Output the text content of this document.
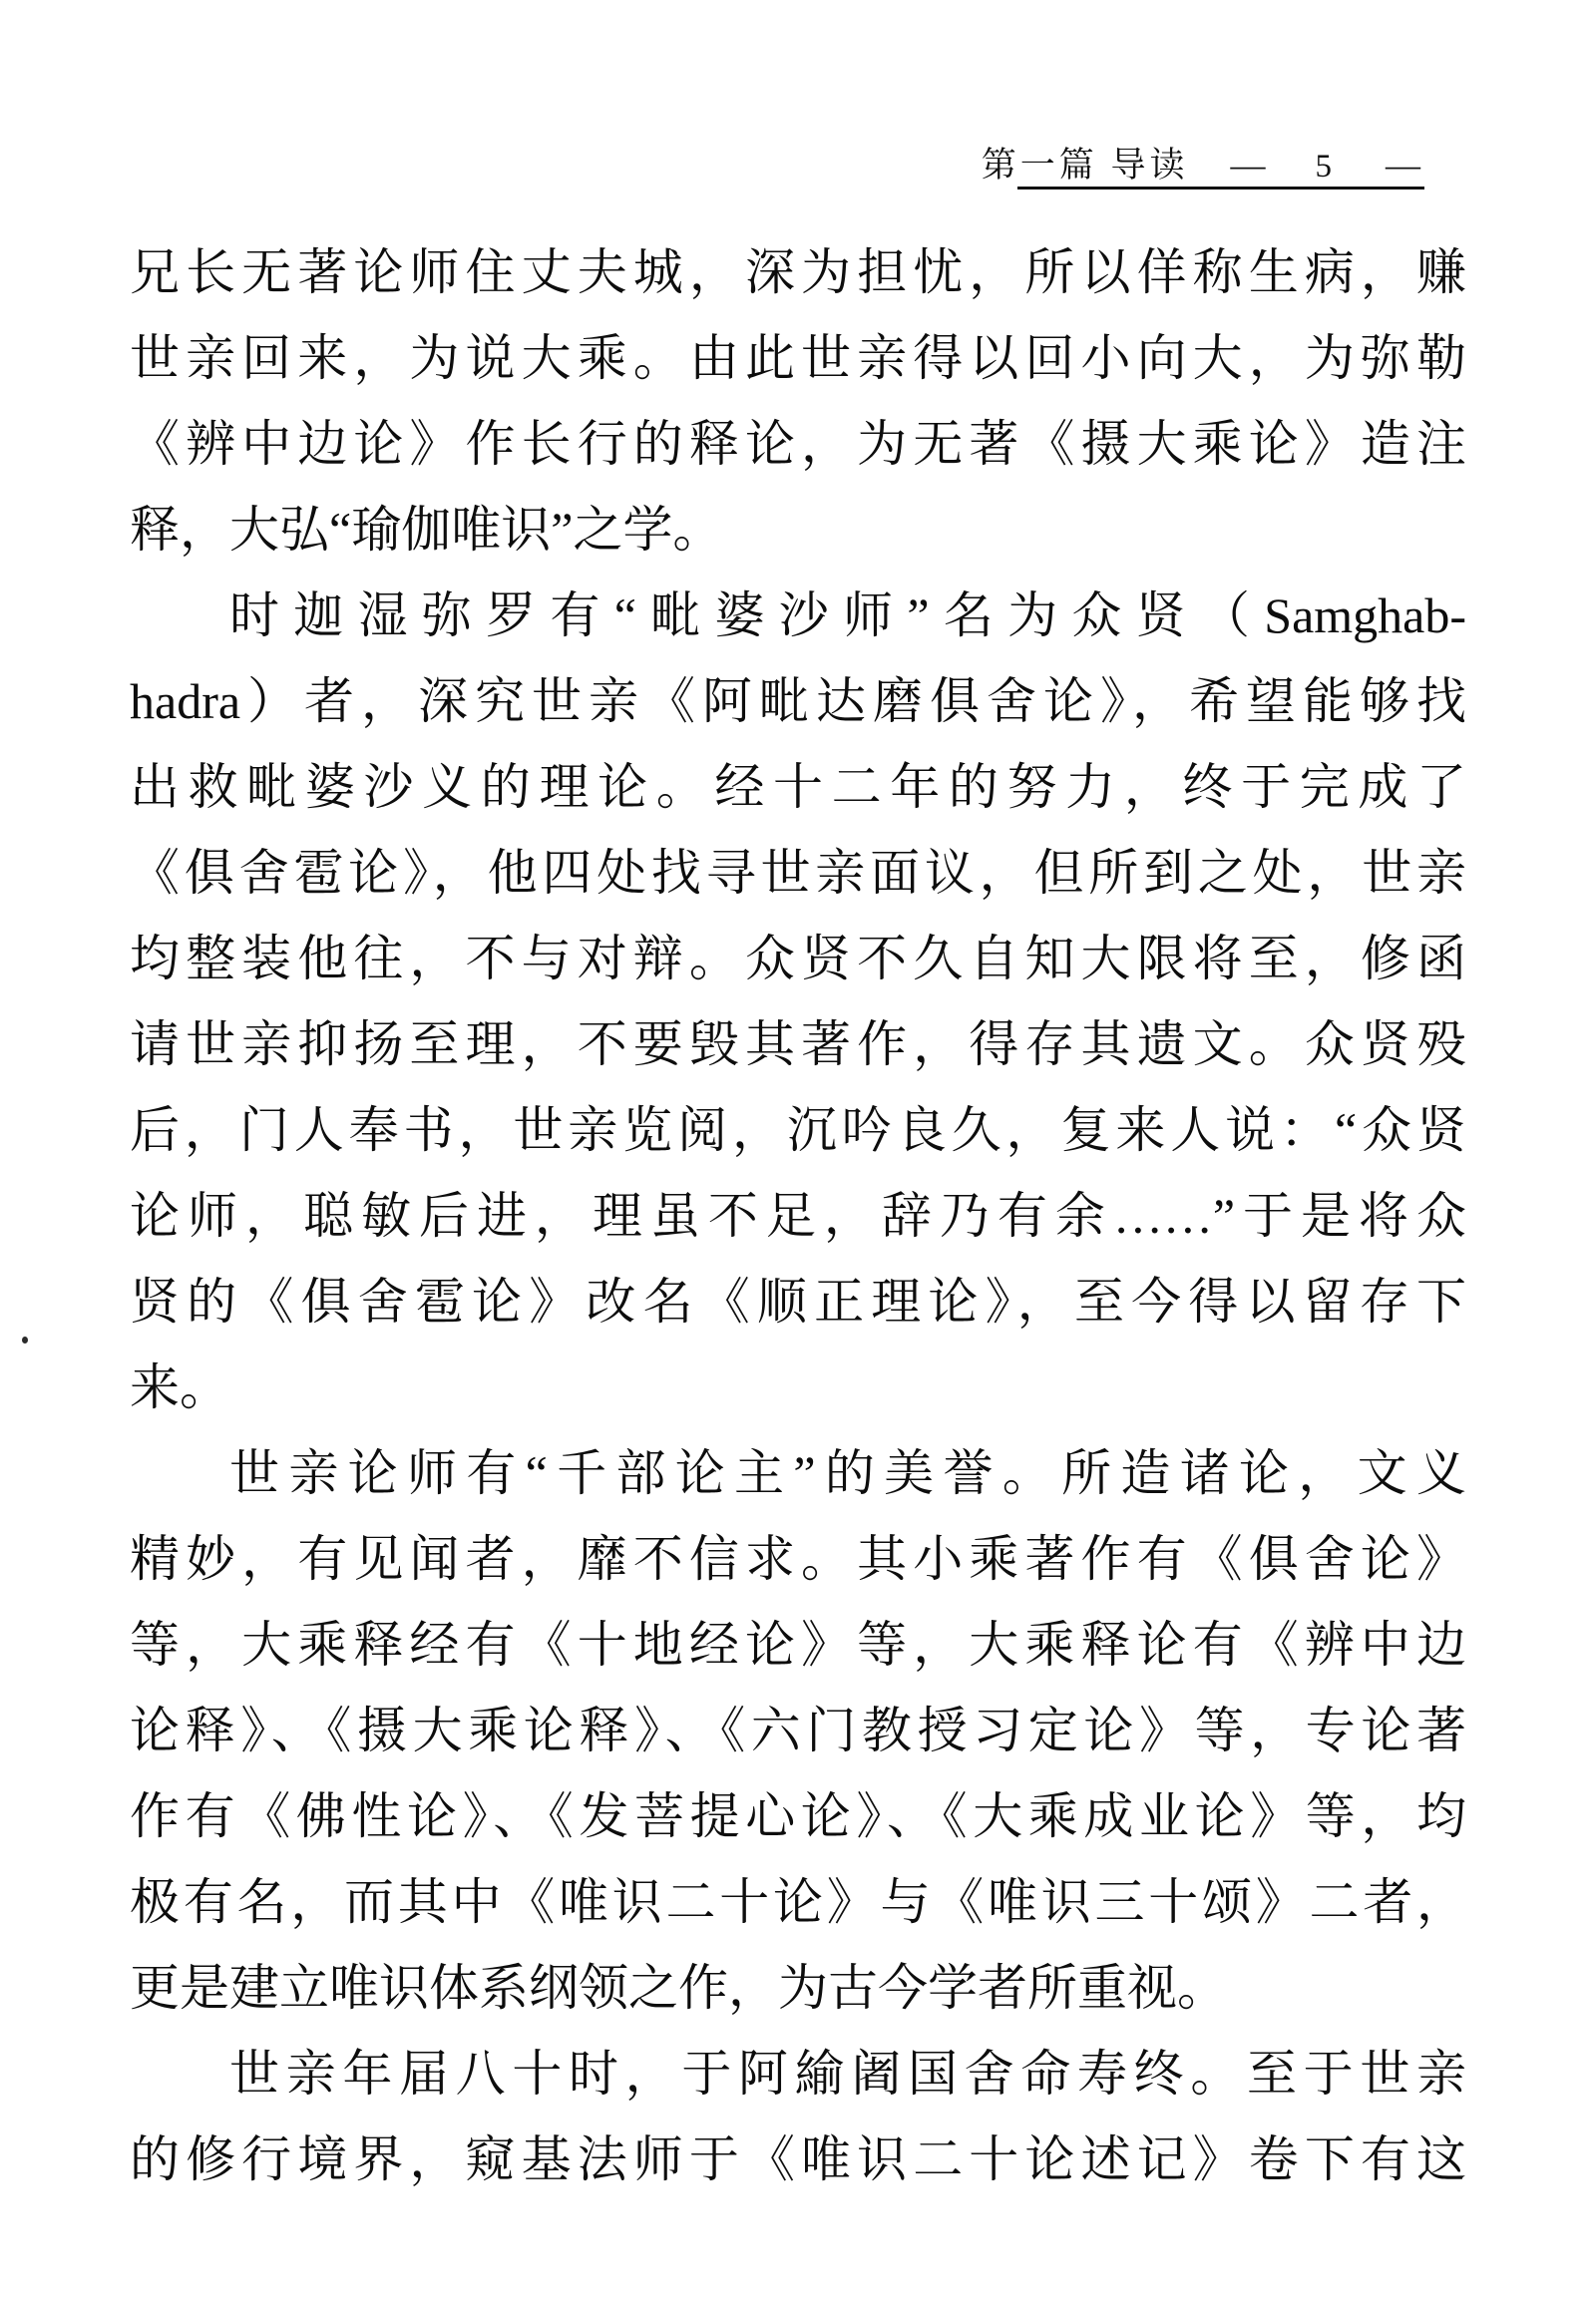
第一篇 导读 — 5 —
兄长无著论师住丈夫城，深为担忧，所以佯称生病，赚
世亲回来，为说大乘。由此世亲得以回小向大，为弥勒
《辨中边论》作长行的释论，为无著《摄大乘论》造注
释，大弘“瑜伽唯识”之学。
时迦湿弥罗有“毗婆沙师”名为众贤（Samghab-
hadra）者，深究世亲《阿毗达磨俱舍论》，希望能够找
出救毗婆沙义的理论。经十二年的努力，终于完成了
《俱舍雹论》，他四处找寻世亲面议，但所到之处，世亲
均整装他往，不与对辩。众贤不久自知大限将至，修函
请世亲抑扬至理，不要毁其著作，得存其遗文。众贤殁
后，门人奉书，世亲览阅，沉吟良久，复来人说：“众贤
论师，聪敏后进，理虽不足，辞乃有余……”于是将众
贤的《俱舍雹论》改名《顺正理论》，至今得以留存下
来。
世亲论师有“千部论主”的美誉。所造诸论，文义
精妙，有见闻者，靡不信求。其小乘著作有《俱舍论》
等，大乘释经有《十地经论》等，大乘释论有《辨中边
论释》、《摄大乘论释》、《六门教授习定论》等，专论著
作有《佛性论》、《发菩提心论》、《大乘成业论》等，均
极有名，而其中《唯识二十论》与《唯识三十颂》二者，
更是建立唯识体系纲领之作，为古今学者所重视。
世亲年届八十时，于阿緰阇国舍命寿终。至于世亲
的修行境界，窥基法师于《唯识二十论述记》卷下有这
